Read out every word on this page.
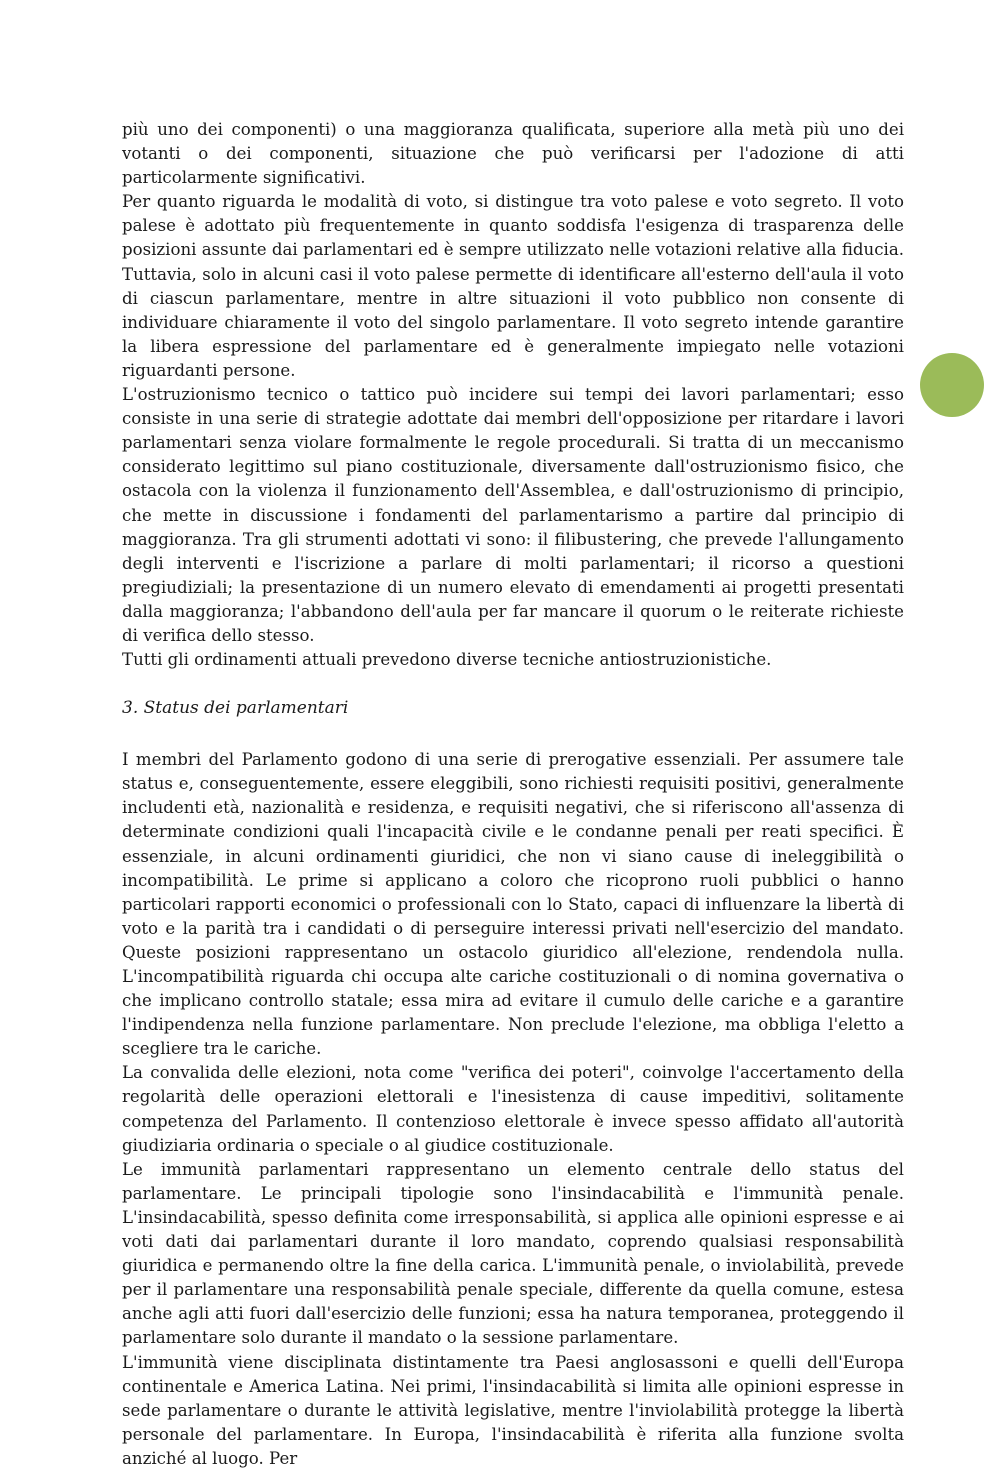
più uno dei componenti) o una maggioranza qualificata, superiore alla metà più uno dei votanti o dei componenti, situazione che può verificarsi per l'adozione di atti particolarmente significativi.

Per quanto riguarda le modalità di voto, si distingue tra voto palese e voto segreto. Il voto palese è adottato più frequentemente in quanto soddisfa l'esigenza di trasparenza delle posizioni assunte dai parlamentari ed è sempre utilizzato nelle votazioni relative alla fiducia. Tuttavia, solo in alcuni casi il voto palese permette di identificare all'esterno dell'aula il voto di ciascun parlamentare, mentre in altre situazioni il voto pubblico non consente di individuare chiaramente il voto del singolo parlamentare. Il voto segreto intende garantire la libera espressione del parlamentare ed è generalmente impiegato nelle votazioni riguardanti persone.

L'ostruzionismo tecnico o tattico può incidere sui tempi dei lavori parlamentari; esso consiste in una serie di strategie adottate dai membri dell'opposizione per ritardare i lavori parlamentari senza violare formalmente le regole procedurali. Si tratta di un meccanismo considerato legittimo sul piano costituzionale, diversamente dall'ostruzionismo fisico, che ostacola con la violenza il funzionamento dell'Assemblea, e dall'ostruzionismo di principio, che mette in discussione i fondamenti del parlamentarismo a partire dal principio di maggioranza. Tra gli strumenti adottati vi sono: il filibustering, che prevede l'allungamento degli interventi e l'iscrizione a parlare di molti parlamentari; il ricorso a questioni pregiudiziali; la presentazione di un numero elevato di emendamenti ai progetti presentati dalla maggioranza; l'abbandono dell'aula per far mancare il quorum o le reiterate richieste di verifica dello stesso.

Tutti gli ordinamenti attuali prevedono diverse tecniche antiostruzionistiche.

3. Status dei parlamentari

I membri del Parlamento godono di una serie di prerogative essenziali. Per assumere tale status e, conseguentemente, essere eleggibili, sono richiesti requisiti positivi, generalmente includenti età, nazionalità e residenza, e requisiti negativi, che si riferiscono all'assenza di determinate condizioni quali l'incapacità civile e le condanne penali per reati specifici. È essenziale, in alcuni ordinamenti giuridici, che non vi siano cause di ineleggibilità o incompatibilità. Le prime si applicano a coloro che ricoprono ruoli pubblici o hanno particolari rapporti economici o professionali con lo Stato, capaci di influenzare la libertà di voto e la parità tra i candidati o di perseguire interessi privati nell'esercizio del mandato. Queste posizioni rappresentano un ostacolo giuridico all'elezione, rendendola nulla. L'incompatibilità riguarda chi occupa alte cariche costituzionali o di nomina governativa o che implicano controllo statale; essa mira ad evitare il cumulo delle cariche e a garantire l'indipendenza nella funzione parlamentare. Non preclude l'elezione, ma obbliga l'eletto a scegliere tra le cariche.

La convalida delle elezioni, nota come "verifica dei poteri", coinvolge l'accertamento della regolarità delle operazioni elettorali e l'inesistenza di cause impeditivi, solitamente competenza del Parlamento. Il contenzioso elettorale è invece spesso affidato all'autorità giudiziaria ordinaria o speciale o al giudice costituzionale.

Le immunità parlamentari rappresentano un elemento centrale dello status del parlamentare. Le principali tipologie sono l'insindacabilità e l'immunità penale. L'insindacabilità, spesso definita come irresponsabilità, si applica alle opinioni espresse e ai voti dati dai parlamentari durante il loro mandato, coprendo qualsiasi responsabilità giuridica e permanendo oltre la fine della carica. L'immunità penale, o inviolabilità, prevede per il parlamentare una responsabilità penale speciale, differente da quella comune, estesa anche agli atti fuori dall'esercizio delle funzioni; essa ha natura temporanea, proteggendo il parlamentare solo durante il mandato o la sessione parlamentare.

L'immunità viene disciplinata distintamente tra Paesi anglosassoni e quelli dell'Europa continentale e America Latina. Nei primi, l'insindacabilità si limita alle opinioni espresse in sede parlamentare o durante le attività legislative, mentre l'inviolabilità protegge la libertà personale del parlamentare. In Europa, l'insindacabilità è riferita alla funzione svolta anziché al luogo. Per
